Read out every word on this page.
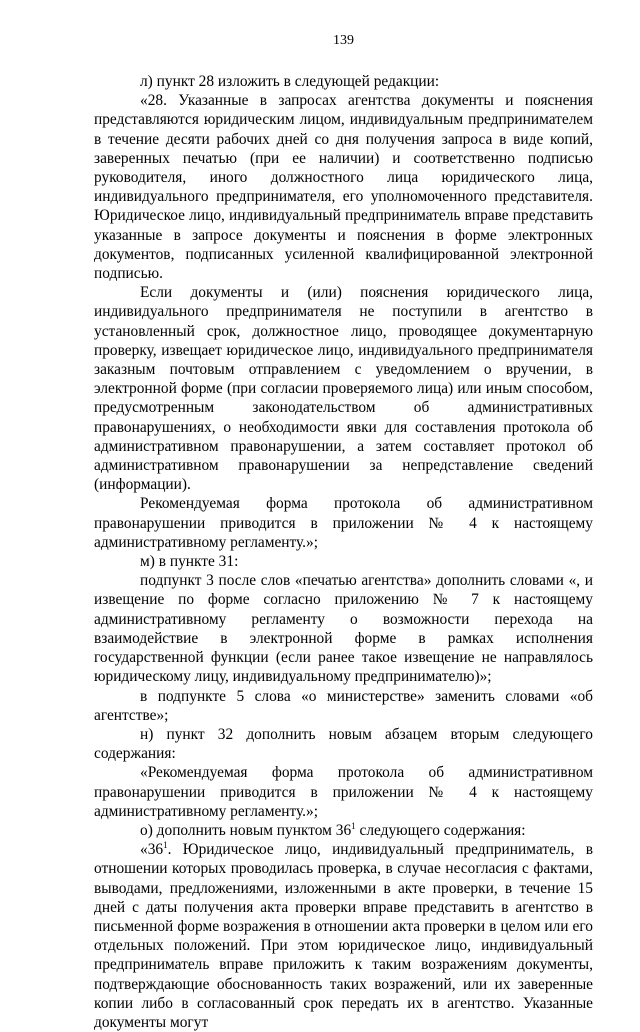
139

л) пункт 28 изложить в следующей редакции:

«28. Указанные в запросах агентства документы и пояснения представляются юридическим лицом, индивидуальным предпринимателем в течение десяти рабочих дней со дня получения запроса в виде копий, заверенных печатью (при ее наличии) и соответственно подписью руководителя, иного должностного лица юридического лица, индивидуального предпринимателя, его уполномоченного представителя. Юридическое лицо, индивидуальный предприниматель вправе представить указанные в запросе документы и пояснения в форме электронных документов, подписанных усиленной квалифицированной электронной подписью.

Если документы и (или) пояснения юридического лица, индивидуального предпринимателя не поступили в агентство в установленный срок, должностное лицо, проводящее документарную проверку, извещает юридическое лицо, индивидуального предпринимателя заказным почтовым отправлением с уведомлением о вручении, в электронной форме (при согласии проверяемого лица) или иным способом, предусмотренным законодательством об административных правонарушениях, о необходимости явки для составления протокола об административном правонарушении, а затем составляет протокол об административном правонарушении за непредставление сведений (информации).

Рекомендуемая форма протокола об административном правонарушении приводится в приложении № 4 к настоящему административному регламенту.»;

м) в пункте 31:

подпункт 3 после слов «печатью агентства» дополнить словами «, и извещение по форме согласно приложению № 7 к настоящему административному регламенту о возможности перехода на взаимодействие в электронной форме в рамках исполнения государственной функции (если ранее такое извещение не направлялось юридическому лицу, индивидуальному предпринимателю)»;

в подпункте 5 слова «о министерстве» заменить словами «об агентстве»;

н) пункт 32 дополнить новым абзацем вторым следующего содержания:

«Рекомендуемая форма протокола об административном правонарушении приводится в приложении № 4 к настоящему административному регламенту.»;

о) дополнить новым пунктом $36^1$ следующего содержания:

«$36^1$. Юридическое лицо, индивидуальный предприниматель, в отношении которых проводилась проверка, в случае несогласия с фактами, выводами, предложениями, изложенными в акте проверки, в течение 15 дней с даты получения акта проверки вправе представить в агентство в письменной форме возражения в отношении акта проверки в целом или его отдельных положений. При этом юридическое лицо, индивидуальный предприниматель вправе приложить к таким возражениям документы, подтверждающие обоснованность таких возражений, или их заверенные копии либо в согласованный срок передать их в агентство. Указанные документы могут
